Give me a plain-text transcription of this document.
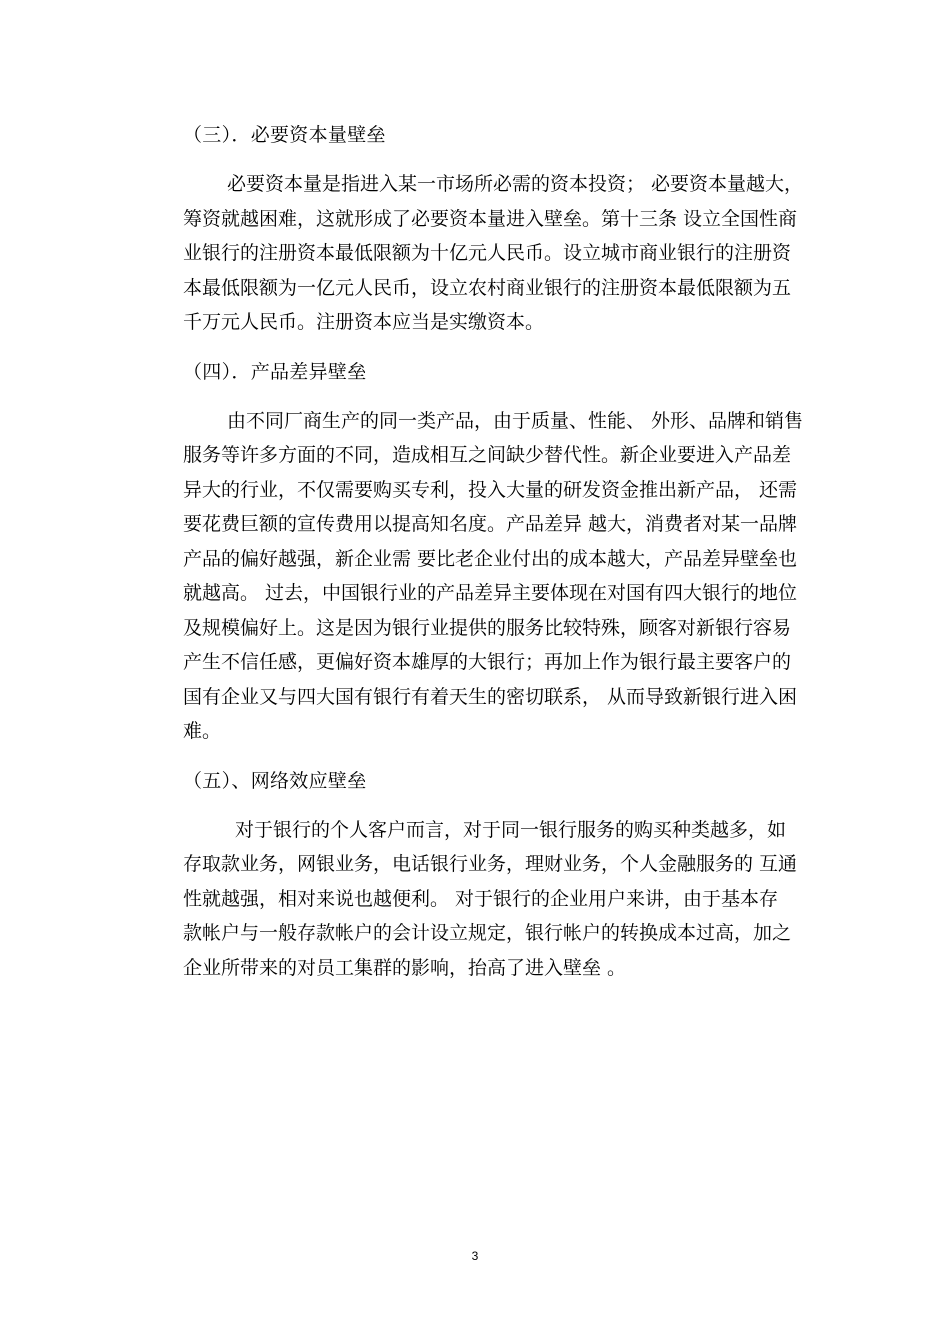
（三）．必要资本量壁垒
必要资本量是指进入某一市场所必需的资本投资； 必要资本量越大，
筹资就越困难，这就形成了必要资本量进入壁垒。第十三条 设立全国性商
业银行的注册资本最低限额为十亿元人民币。设立城市商业银行的注册资
本最低限额为一亿元人民币，设立农村商业银行的注册资本最低限额为五
千万元人民币。注册资本应当是实缴资本。
（四）．产品差异壁垒
由不同厂商生产的同一类产品，由于质量、性能、 外形、品牌和销售
服务等许多方面的不同，造成相互之间缺少替代性。新企业要进入产品差
异大的行业，不仅需要购买专利，投入大量的研发资金推出新产品， 还需
要花费巨额的宣传费用以提高知名度。产品差异 越大，消费者对某一品牌
产品的偏好越强，新企业需 要比老企业付出的成本越大，产品差异壁垒也
就越高。 过去，中国银行业的产品差异主要体现在对国有四大银行的地位
及规模偏好上。这是因为银行业提供的服务比较特殊，顾客对新银行容易
产生不信任感，更偏好资本雄厚的大银行；再加上作为银行最主要客户的
国有企业又与四大国有银行有着天生的密切联系， 从而导致新银行进入困
难。
（五）、网络效应壁垒
对于银行的个人客户而言，对于同一银行服务的购买种类越多，如
存取款业务，网银业务，电话银行业务，理财业务，个人金融服务的 互通
性就越强，相对来说也越便利。 对于银行的企业用户来讲，由于基本存
款帐户与一般存款帐户的会计设立规定，银行帐户的转换成本过高，加之
企业所带来的对员工集群的影响，抬高了进入壁垒 。
3
